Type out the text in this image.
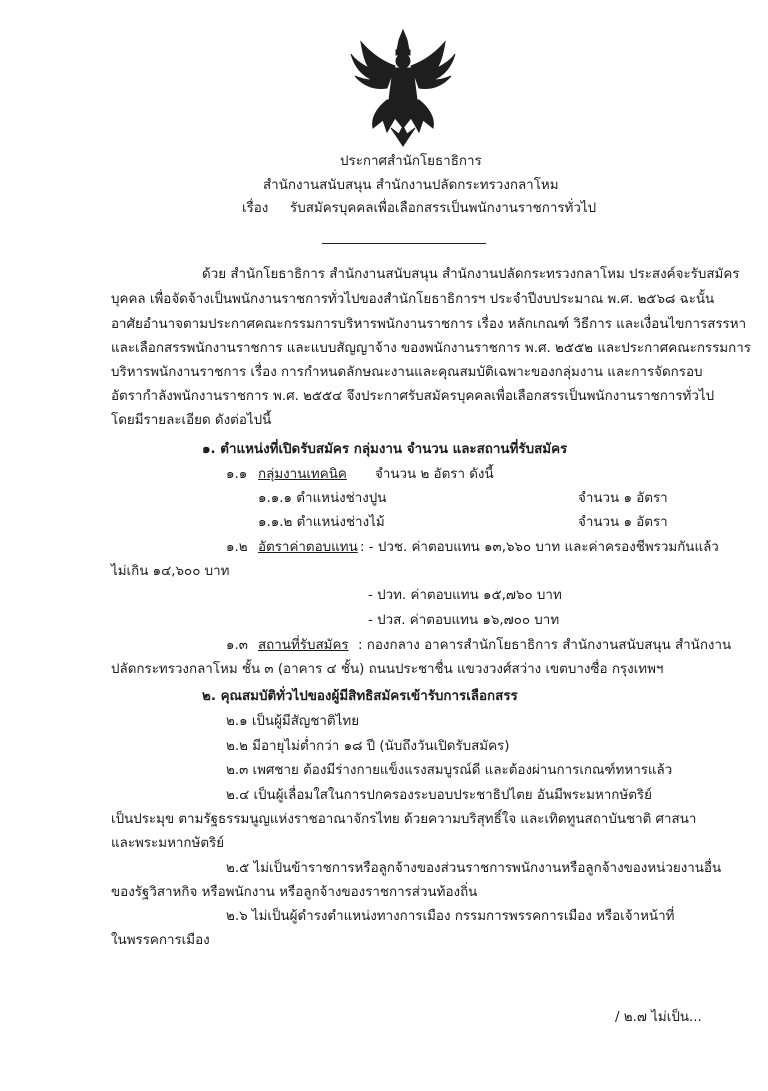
ประกาศสำนักโยธาธิการ
สำนักงานสนับสนุน สำนักงานปลัดกระทรวงกลาโหม
เรื่อง รับสมัครบุคคลเพื่อเลือกสรรเป็นพนักงานราชการทั่วไป
ด้วย สำนักโยธาธิการ สำนักงานสนับสนุน สำนักงานปลัดกระทรวงกลาโหม ประสงค์จะรับสมัคร
บุคคล เพื่อจัดจ้างเป็นพนักงานราชการทั่วไปของสำนักโยธาธิการฯ ประจำปีงบประมาณ พ.ศ. ๒๕๖๘ ฉะนั้น
อาศัยอำนาจตามประกาศคณะกรรมการบริหารพนักงานราชการ เรื่อง หลักเกณฑ์ วิธีการ และเงื่อนไขการสรรหา
และเลือกสรรพนักงานราชการ และแบบสัญญาจ้าง ของพนักงานราชการ พ.ศ. ๒๕๕๒ และประกาศคณะกรรมการ
บริหารพนักงานราชการ เรื่อง การกำหนดลักษณะงานและคุณสมบัติเฉพาะของกลุ่มงาน และการจัดกรอบ
อัตรากำลังพนักงานราชการ พ.ศ. ๒๕๕๔ จึงประกาศรับสมัครบุคคลเพื่อเลือกสรรเป็นพนักงานราชการทั่วไป
โดยมีรายละเอียด ดังต่อไปนี้
๑. ตำแหน่งที่เปิดรับสมัคร กลุ่มงาน จำนวน และสถานที่รับสมัคร
๑.๑ กลุ่มงานเทคนิค จำนวน ๒ อัตรา ดังนี้
๑.๑.๑ ตำแหน่งช่างปูน	จำนวน ๑ อัตรา
๑.๑.๒ ตำแหน่งช่างไม้	จำนวน ๑ อัตรา
๑.๒ อัตราค่าตอบแทน : - ปวช. ค่าตอบแทน ๑๓,๖๖๐ บาท และค่าครองชีพรวมกันแล้ว
ไม่เกิน ๑๔,๖๐๐ บาท
- ปวท. ค่าตอบแทน ๑๕,๗๖๐ บาท
- ปวส. ค่าตอบแทน ๑๖,๗๐๐ บาท
๑.๓ สถานที่รับสมัคร : กองกลาง อาคารสำนักโยธาธิการ สำนักงานสนับสนุน สำนักงาน
ปลัดกระทรวงกลาโหม ชั้น ๓ (อาคาร ๔ ชั้น) ถนนประชาชื่น แขวงวงศ์สว่าง เขตบางซื่อ กรุงเทพฯ
๒. คุณสมบัติทั่วไปของผู้มีสิทธิสมัครเข้ารับการเลือกสรร
๒.๑ เป็นผู้มีสัญชาติไทย
๒.๒ มีอายุไม่ต่ำกว่า ๑๘ ปี (นับถึงวันเปิดรับสมัคร)
๒.๓ เพศชาย ต้องมีร่างกายแข็งแรงสมบูรณ์ดี และต้องผ่านการเกณฑ์ทหารแล้ว
๒.๔ เป็นผู้เลื่อมใสในการปกครองระบอบประชาธิปไตย อันมีพระมหากษัตริย์
เป็นประมุข ตามรัฐธรรมนูญแห่งราชอาณาจักรไทย ด้วยความบริสุทธิ์ใจ และเทิดทูนสถาบันชาติ ศาสนา
และพระมหากษัตริย์
๒.๕ ไม่เป็นข้าราชการหรือลูกจ้างของส่วนราชการพนักงานหรือลูกจ้างของหน่วยงานอื่น
ของรัฐวิสาหกิจ หรือพนักงาน หรือลูกจ้างของราชการส่วนท้องถิ่น
๒.๖ ไม่เป็นผู้ดำรงตำแหน่งทางการเมือง กรรมการพรรคการเมือง หรือเจ้าหน้าที่
ในพรรคการเมือง
/ ๒.๗ ไม่เป็น...
